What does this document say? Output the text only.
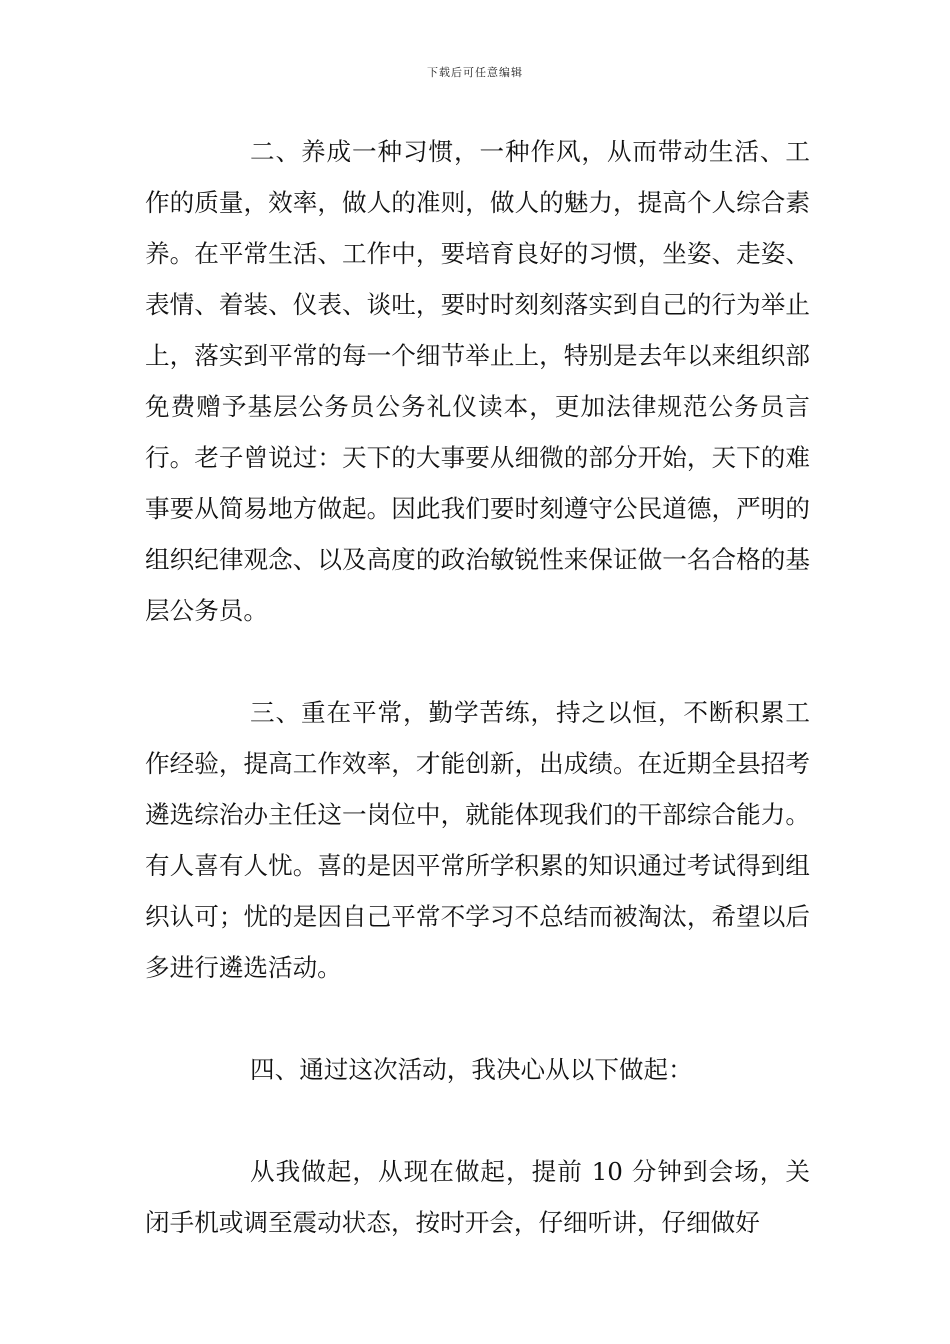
下载后可任意编辑

二、养成一种习惯，一种作风，从而带动生活、工作的质量，效率，做人的准则，做人的魅力，提高个人综合素养。在平常生活、工作中，要培育良好的习惯，坐姿、走姿、表情、着装、仪表、谈吐，要时时刻刻落实到自己的行为举止上，落实到平常的每一个细节举止上，特别是去年以来组织部免费赠予基层公务员公务礼仪读本，更加法律规范公务员言行。老子曾说过：天下的大事要从细微的部分开始，天下的难事要从简易地方做起。因此我们要时刻遵守公民道德，严明的组织纪律观念、以及高度的政治敏锐性来保证做一名合格的基层公务员。

三、重在平常，勤学苦练，持之以恒，不断积累工作经验，提高工作效率，才能创新，出成绩。在近期全县招考遴选综治办主任这一岗位中，就能体现我们的干部综合能力。有人喜有人忧。喜的是因平常所学积累的知识通过考试得到组织认可；忧的是因自己平常不学习不总结而被淘汰，希望以后多进行遴选活动。

四、通过这次活动，我决心从以下做起：

从我做起，从现在做起，提前 10 分钟到会场，关闭手机或调至震动状态，按时开会，仔细听讲，仔细做好
